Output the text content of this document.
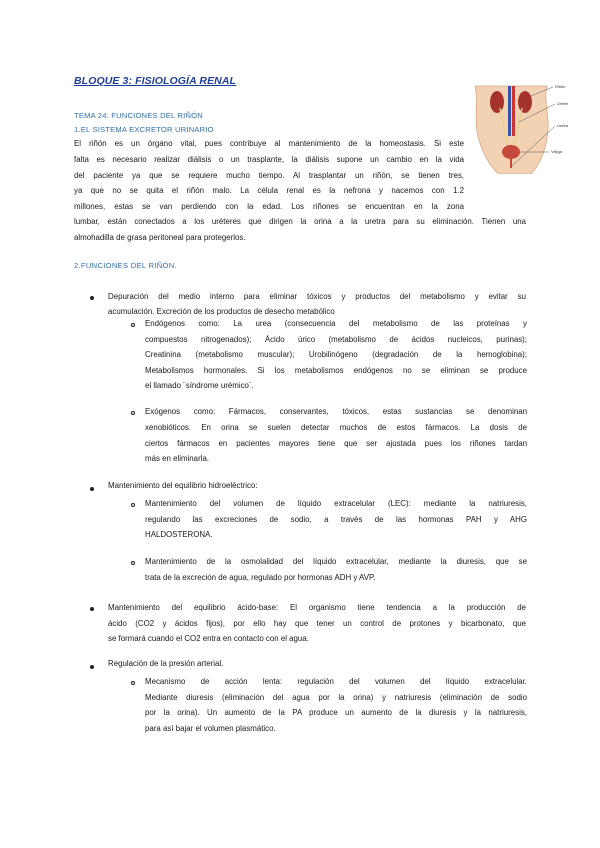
BLOQUE 3: FISIOLOGÍA RENAL
TEMA 24: FUNCIONES DEL RIÑÓN
1.EL SISTEMA EXCRETOR URINARIO
Riñón
Uréter
Uretra
Vejiga
El riñón es un órgano vital, pues contribuye al mantenimiento de la homeostasis. Si este
falta es necesario realizar diálisis o un trasplante, la diálisis supone un cambio en la vida
del paciente ya que se requiere mucho tiempo. Al trasplantar un riñón, se tienen tres,
ya que no se quita el riñón malo. La célula renal es la nefrona y nacemos con 1.2
millones, estas se van perdiendo con la edad. Los riñones se encuentran en la zona
lumbar, están conectados a los uréteres que dirigen la orina a la uretra para su eliminación. Tienen una
almohadilla de grasa peritoneal para protegerlos.
2.FUNCIONES DEL RIÑÓN.
Depuración del medio interno para eliminar tóxicos y productos del metabolismo y evitar su
acumulación. Excreción de los productos de desecho metabólico
Endógenos como: La urea (consecuencia del metabolismo de las proteínas y
compuestos nitrogenados); Ácido úrico (metabolismo de ácidos nucleicos, purinas);
Creatinina (metabolismo muscular); Urobilinógeno (degradación de la hemoglobina);
Metabolismos hormonales. Si los metabolismos endógenos no se eliminan se produce
el llamado ¨síndrome urémico¨.
Exógenos como: Fármacos, conservantes, tóxicos, estas sustancias se denominan
xenobióticos. En orina se suelen detectar muchos de estos fármacos. La dosis de
ciertos fármacos en pacientes mayores tiene que ser ajustada pues los riñones tardan
más en eliminarla.
Mantenimiento del equilibrio hidroeléctrico:
Mantenimiento del volumen de líquido extracelular (LEC): mediante la natriuresis,
regulando las excreciones de sodio, a través de las hormonas PAH y AHG
HALDOSTERONA.
Mantenimiento de la osmolalidad del líquido extracelular, mediante la diuresis, que se
trata de la excreción de agua, regulado por hormonas ADH y AVP.
Mantenimiento del equilibrio ácido-base: El organismo tiene tendencia a la producción de
ácido (CO2 y ácidos fijos), por ello hay que tener un control de protones y bicarbonato, que
se formará cuando el CO2 entra en contacto con el agua.
Regulación de la presión arterial.
Mecanismo de acción lenta: regulación del volumen del líquido extracelular.
Mediante diuresis (eliminación del agua por la orina) y natriuresis (eliminación de sodio
por la orina). Un aumento de la PA produce un aumento de la diuresis y la natriuresis,
para así bajar el volumen plasmático.
